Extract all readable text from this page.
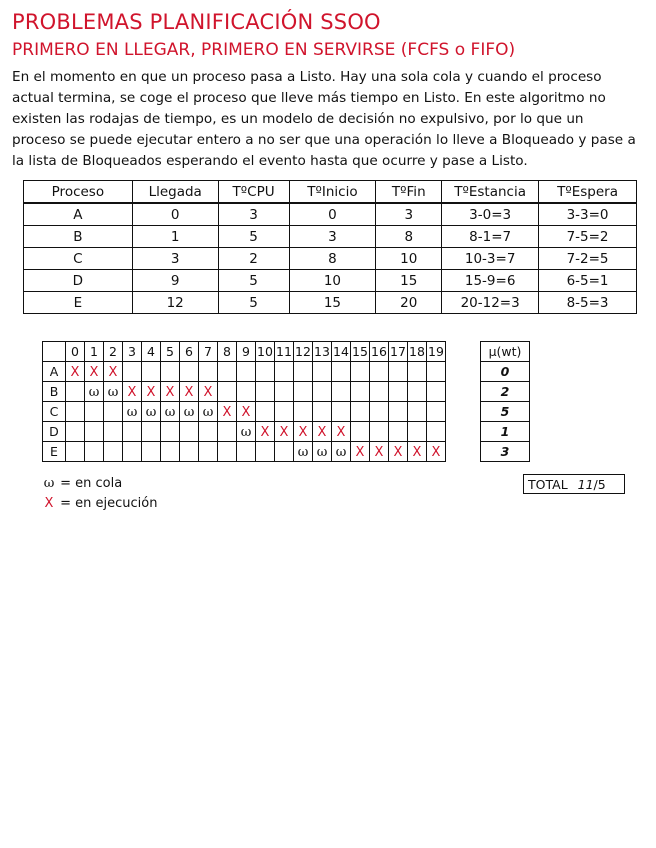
PROBLEMAS PLANIFICACIÓN SSOO
PRIMERO EN LLEGAR, PRIMERO EN SERVIRSE (FCFS o FIFO)

En el momento en que un proceso pasa a Listo. Hay una sola cola y cuando el proceso actual termina, se coge el proceso que lleve más tiempo en Listo. En este algoritmo no existen las rodajas de tiempo, es un modelo de decisión no expulsivo, por lo que un proceso se puede ejecutar entero a no ser que una operación lo lleve a Bloqueado y pase a la lista de Bloqueados esperando el evento hasta que ocurre y pase a Listo.

Proceso	Llegada	TºCPU	TºInicio	TºFin	TºEstancia	TºEspera
A	0	3	0	3	3-0=3	3-3=0
B	1	5	3	8	8-1=7	7-5=2
C	3	2	8	10	10-3=7	7-2=5
D	9	5	10	15	15-9=6	6-5=1
E	12	5	15	20	20-12=3	8-5=3
	0	1	2	3	4	5	6	7	8	9	10	11	12	13	14	15	16	17	18	19		μ(wt)
A	X	X	X																			0
B		ω	ω	X	X	X	X	X														2
C				ω	ω	ω	ω	ω	X	X												5
D										ω	X	X	X	X	X							1
E													ω	ω	ω	X	X	X	X	X		3
TOTAL 11/5
ω = en cola
X = en ejecución
